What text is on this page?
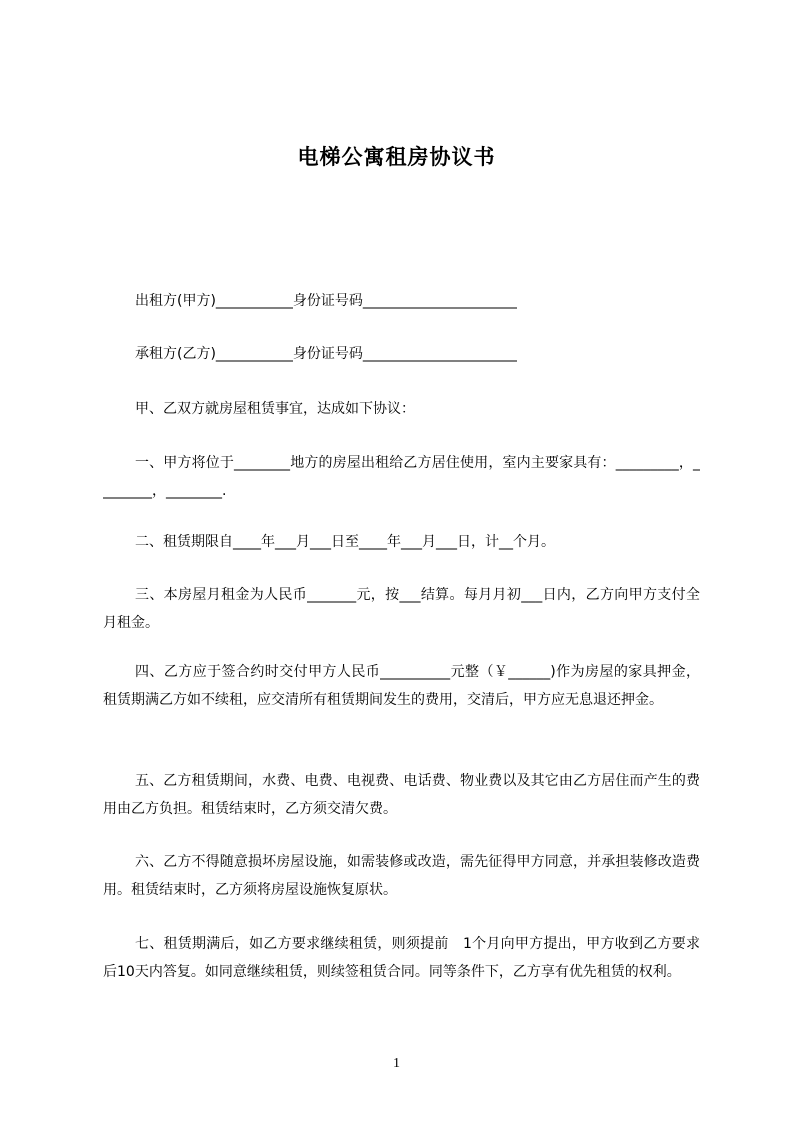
电梯公寓租房协议书
出租方(甲方)___________身份证号码______________________
承租方(乙方)___________身份证号码______________________
甲、乙双方就房屋租赁事宜，达成如下协议：
一、甲方将位于________地方的房屋出租给乙方居住使用，室内主要家具有：_________，________，________.
二、租赁期限自____年___月___日至____年___月___日，计__个月。
三、本房屋月租金为人民币_______元，按___结算。每月月初___日内，乙方向甲方支付全月租金。
四、乙方应于签合约时交付甲方人民币__________元整（￥______)作为房屋的家具押金，租赁期满乙方如不续租，应交清所有租赁期间发生的费用，交清后，甲方应无息退还押金。
五、乙方租赁期间，水费、电费、电视费、电话费、物业费以及其它由乙方居住而产生的费用由乙方负担。租赁结束时，乙方须交清欠费。
六、乙方不得随意损坏房屋设施，如需装修或改造，需先征得甲方同意，并承担装修改造费用。租赁结束时，乙方须将房屋设施恢复原状。
七、租赁期满后，如乙方要求继续租赁，则须提前　1个月向甲方提出，甲方收到乙方要求后10天内答复。如同意继续租赁，则续签租赁合同。同等条件下，乙方享有优先租赁的权利。
1
